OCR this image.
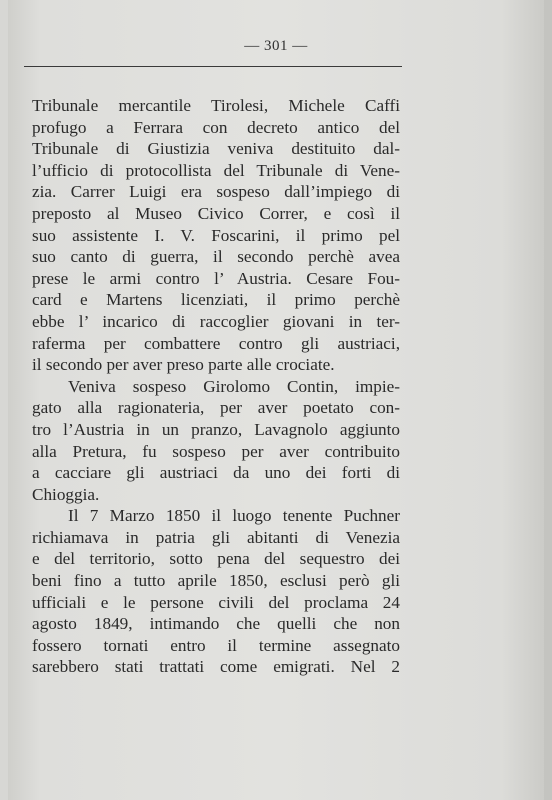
— 301 —
Tribunale mercantile Tirolesi, Michele Caffi
profugo a Ferrara con decreto antico del
Tribunale di Giustizia veniva destituito dal-
l’ufficio di protocollista del Tribunale di Vene-
zia. Carrer Luigi era sospeso dall’impiego di
preposto al Museo Civico Correr, e così il
suo assistente I. V. Foscarini, il primo pel
suo canto di guerra, il secondo perchè avea
prese le armi contro l’ Austria. Cesare Fou-
card e Martens licenziati, il primo perchè
ebbe l’ incarico di raccoglier giovani in ter-
raferma per combattere contro gli austriaci,
il secondo per aver preso parte alle crociate.
Veniva sospeso Girolomo Contin, impie-
gato alla ragionateria, per aver poetato con-
tro l’Austria in un pranzo, Lavagnolo aggiunto
alla Pretura, fu sospeso per aver contribuito
a cacciare gli austriaci da uno dei forti di
Chioggia.
Il 7 Marzo 1850 il luogo tenente Puchner
richiamava in patria gli abitanti di Venezia
e del territorio, sotto pena del sequestro dei
beni fino a tutto aprile 1850, esclusi però gli
ufficiali e le persone civili del proclama 24
agosto 1849, intimando che quelli che non
fossero tornati entro il termine assegnato
sarebbero stati trattati come emigrati. Nel 2
